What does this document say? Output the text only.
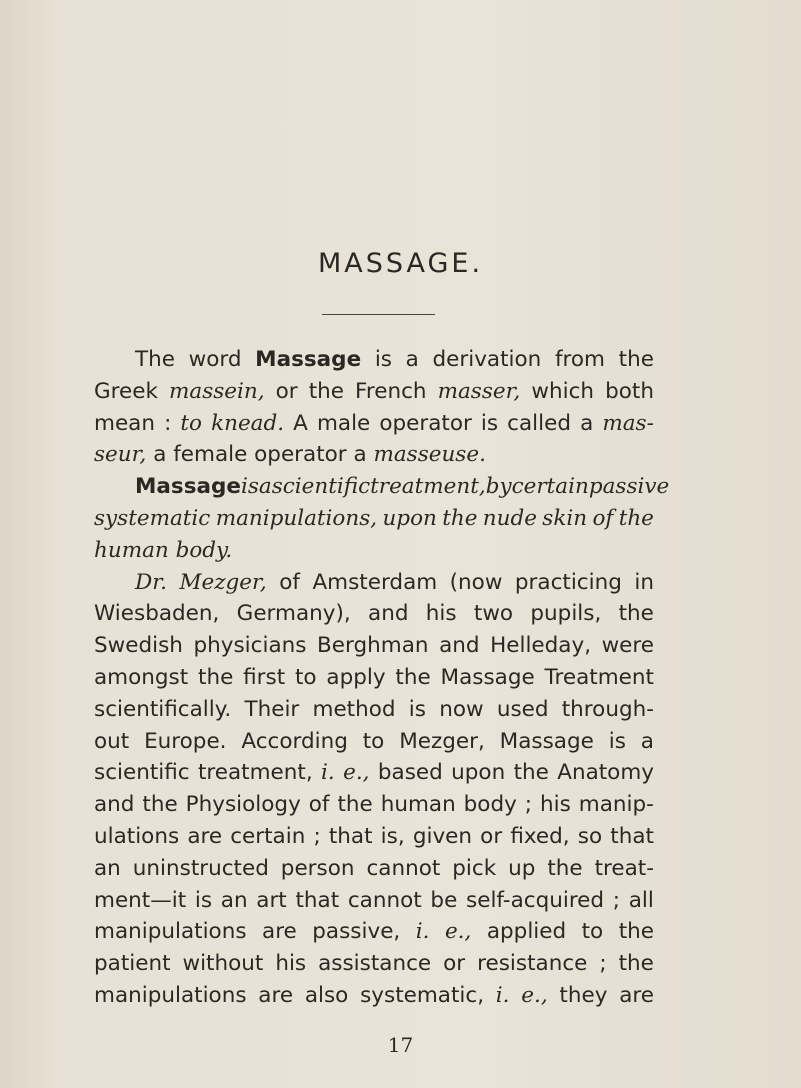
MASSAGE.
The word Massage is a derivation from the
Greek massein, or the French masser, which both
mean : to knead. A male operator is called a mas-
seur, a female operator a masseuse.
Massage is a scientific treatment, by certain passive
systematic manipulations, upon the nude skin of the
human body.
Dr. Mezger, of Amsterdam (now practicing in
Wiesbaden, Germany), and his two pupils, the
Swedish physicians Berghman and Helleday, were
amongst the first to apply the Massage Treatment
scientifically. Their method is now used through-
out Europe. According to Mezger, Massage is a
scientific treatment, i. e., based upon the Anatomy
and the Physiology of the human body ; his manip-
ulations are certain ; that is, given or fixed, so that
an uninstructed person cannot pick up the treat-
ment—it is an art that cannot be self-acquired ; all
manipulations are passive, i. e., applied to the
patient without his assistance or resistance ; the
manipulations are also systematic, i. e., they are
17
